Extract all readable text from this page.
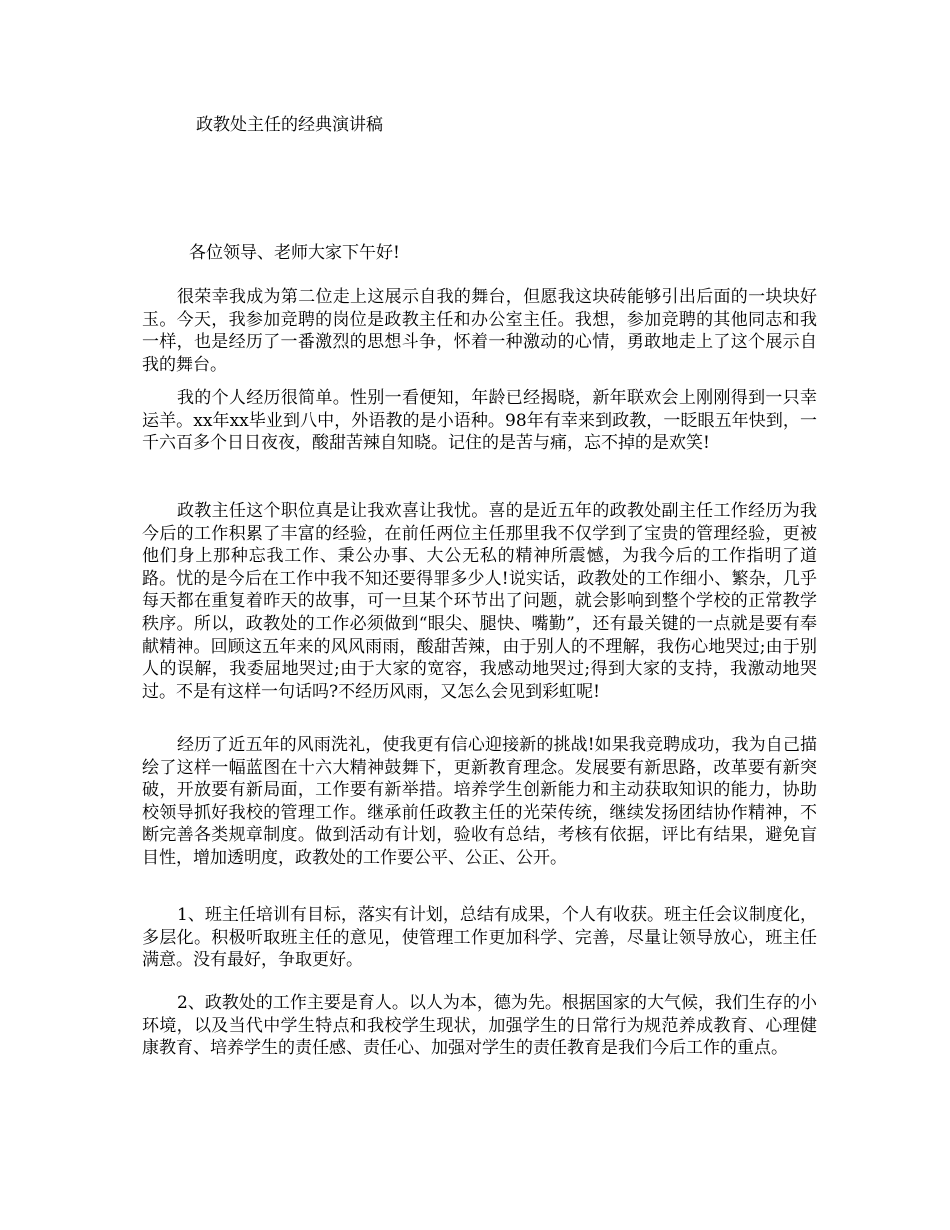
政教处主任的经典演讲稿
各位领导、老师大家下午好!

很荣幸我成为第二位走上这展示自我的舞台，但愿我这块砖能够引出后面的一块块好玉。今天，我参加竞聘的岗位是政教主任和办公室主任。我想，参加竞聘的其他同志和我一样，也是经历了一番激烈的思想斗争，怀着一种激动的心情，勇敢地走上了这个展示自我的舞台。

我的个人经历很简单。性别一看便知，年龄已经揭晓，新年联欢会上刚刚得到一只幸运羊。xx年xx毕业到八中，外语教的是小语种。98年有幸来到政教，一眨眼五年快到，一千六百多个日日夜夜，酸甜苦辣自知晓。记住的是苦与痛，忘不掉的是欢笑!

政教主任这个职位真是让我欢喜让我忧。喜的是近五年的政教处副主任工作经历为我今后的工作积累了丰富的经验，在前任两位主任那里我不仅学到了宝贵的管理经验，更被他们身上那种忘我工作、秉公办事、大公无私的精神所震憾，为我今后的工作指明了道路。忧的是今后在工作中我不知还要得罪多少人!说实话，政教处的工作细小、繁杂，几乎每天都在重复着昨天的故事，可一旦某个环节出了问题，就会影响到整个学校的正常教学秩序。所以，政教处的工作必须做到“眼尖、腿快、嘴勤”，还有最关键的一点就是要有奉献精神。回顾这五年来的风风雨雨，酸甜苦辣，由于别人的不理解，我伤心地哭过;由于别人的误解，我委屈地哭过;由于大家的宽容，我感动地哭过;得到大家的支持，我激动地哭过。不是有这样一句话吗?不经历风雨，又怎么会见到彩虹呢!

经历了近五年的风雨洗礼，使我更有信心迎接新的挑战!如果我竞聘成功，我为自己描绘了这样一幅蓝图在十六大精神鼓舞下，更新教育理念。发展要有新思路，改革要有新突破，开放要有新局面，工作要有新举措。培养学生创新能力和主动获取知识的能力，协助校领导抓好我校的管理工作。继承前任政教主任的光荣传统，继续发扬团结协作精神，不断完善各类规章制度。做到活动有计划，验收有总结，考核有依据，评比有结果，避免盲目性，增加透明度，政教处的工作要公平、公正、公开。

1、班主任培训有目标，落实有计划，总结有成果，个人有收获。班主任会议制度化，多层化。积极听取班主任的意见，使管理工作更加科学、完善，尽量让领导放心，班主任满意。没有最好，争取更好。

2、政教处的工作主要是育人。以人为本，德为先。根据国家的大气候，我们生存的小环境，以及当代中学生特点和我校学生现状，加强学生的日常行为规范养成教育、心理健康教育、培养学生的责任感、责任心、加强对学生的责任教育是我们今后工作的重点。
